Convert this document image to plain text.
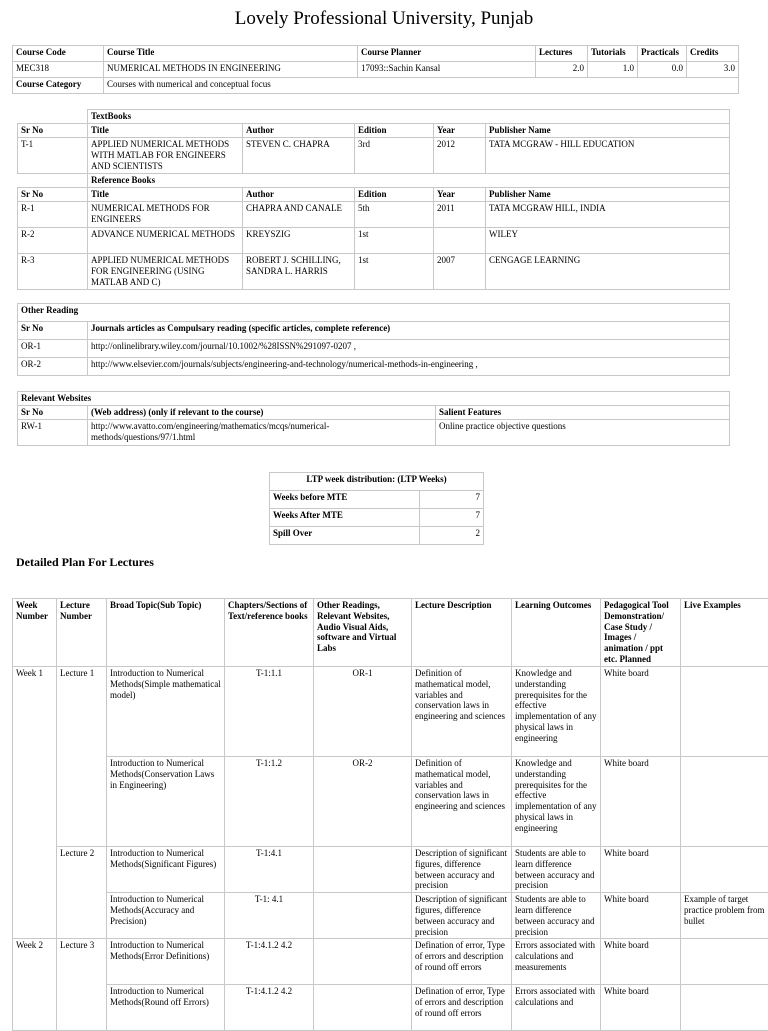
Lovely Professional University, Punjab
Course Code	Course Title	Course Planner	Lectures	Tutorials	Practicals	Credits
MEC318	NUMERICAL METHODS IN ENGINEERING	17093::Sachin Kansal	2.0	1.0	0.0	3.0
Course Category	Courses with numerical and conceptual focus					
	TextBooks				
Sr No	Title	Author	Edition	Year	Publisher Name
T-1	APPLIED NUMERICAL METHODS WITH MATLAB FOR ENGINEERS AND SCIENTISTS	STEVEN C. CHAPRA	3rd	2012	TATA MCGRAW - HILL EDUCATION
	Reference Books				
Sr No	Title	Author	Edition	Year	Publisher Name
R-1	NUMERICAL METHODS FOR ENGINEERS	CHAPRA AND CANALE	5th	2011	TATA MCGRAW HILL, INDIA
R-2	ADVANCE NUMERICAL METHODS	KREYSZIG	1st		WILEY
R-3	APPLIED NUMERICAL METHODS FOR ENGINEERING (USING MATLAB AND C)	ROBERT J. SCHILLING, SANDRA L. HARRIS	1st	2007	CENGAGE LEARNING
Other Reading	
Sr No	Journals articles as Compulsary reading (specific articles, complete reference)
OR-1	http://onlinelibrary.wiley.com/journal/10.1002/%28ISSN%291097-0207 ,
OR-2	http://www.elsevier.com/journals/subjects/engineering-and-technology/numerical-methods-in-engineering ,
Relevant Websites		
Sr No	(Web address) (only if relevant to the course)	Salient Features
RW-1	http://www.avatto.com/engineering/mathematics/mcqs/numerical-methods/questions/97/1.html	Online practice objective questions
LTP week distribution: (LTP Weeks)	
Weeks before MTE	7
Weeks After MTE	7
Spill Over	2
Detailed Plan For Lectures
Week Number	Lecture Number	Broad Topic(Sub Topic)	Chapters/Sections of Text/reference books	Other Readings, Relevant Websites, Audio Visual Aids, software and Virtual Labs	Lecture Description	Learning Outcomes	Pedagogical Tool Demonstration/ Case Study / Images / animation / ppt etc. Planned	Live Examples
Week 1	Lecture 1	Introduction to Numerical Methods(Simple mathematical model)	T-1:1.1	OR-1	Definition of mathematical model, variables and conservation laws in engineering and sciences	Knowledge and understanding prerequisites for the effective implementation of any physical laws in engineering	White board	
		Introduction to Numerical Methods(Conservation Laws in Engineering)	T-1:1.2	OR-2	Definition of mathematical model, variables and conservation laws in engineering and sciences	Knowledge and understanding prerequisites for the effective implementation of any physical laws in engineering	White board	
	Lecture 2	Introduction to Numerical Methods(Significant Figures)	T-1:4.1		Description of significant figures, difference between accuracy and precision	Students are able to learn difference between accuracy and precision	White board	
		Introduction to Numerical Methods(Accuracy and Precision)	T-1: 4.1		Description of significant figures, difference between accuracy and precision	Students are able to learn difference between accuracy and precision	White board	Example of target practice problem from bullet
Week 2	Lecture 3	Introduction to Numerical Methods(Error Definitions)	T-1:4.1.2 4.2		Defination of error, Type of errors and description of round off errors	Errors associated with calculations and measurements	White board	
		Introduction to Numerical Methods(Round off Errors)	T-1:4.1.2 4.2		Defination of error, Type of errors and description of round off errors	Errors associated with calculations and	White board	
